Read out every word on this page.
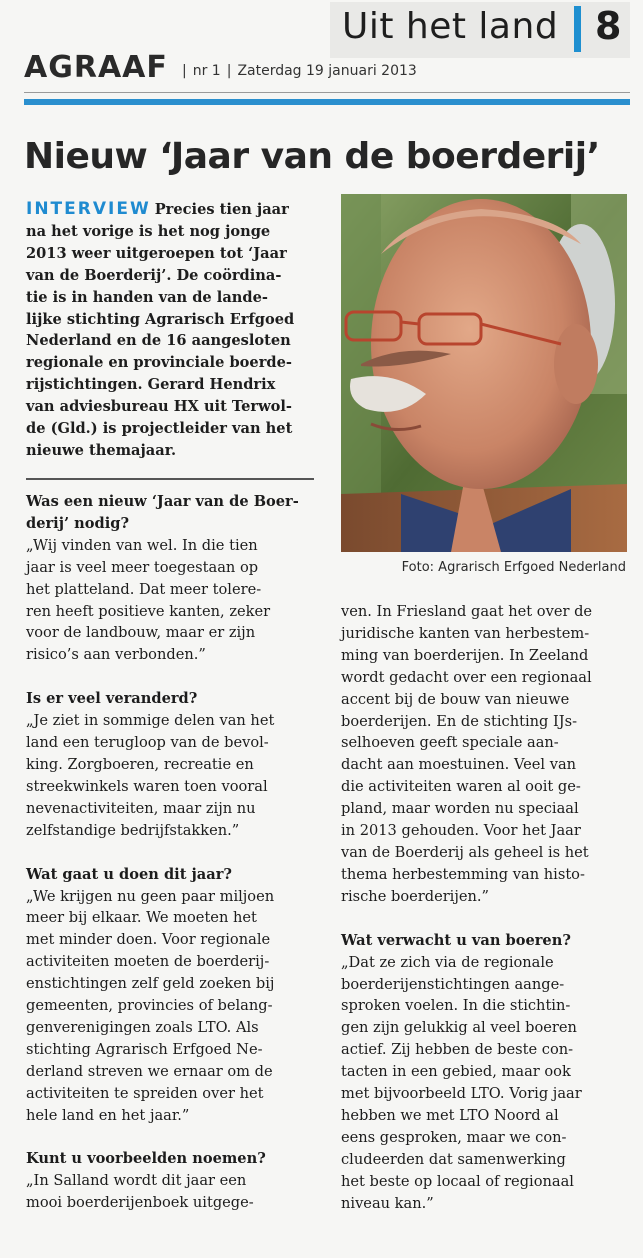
Uit het land 8
AGRAAF	| nr 1 | Zaterdag 19 januari 2013
Nieuw ‘Jaar van de boerderij’
INTERVIEW Precies tien jaar
na het vorige is het nog jonge
2013 weer uitgeroepen tot ‘Jaar
van de Boerderij’. De coördina-
tie is in handen van de lande-
lijke stichting Agrarisch Erfgoed
Nederland en de 16 aangesloten
regionale en provinciale boerde-
rijstichtingen. Gerard Hendrix
van adviesbureau HX uit Terwol-
de (Gld.) is projectleider van het
nieuwe themajaar.
Foto: Agrarisch Erfgoed Nederland

Was een nieuw ‘Jaar van de Boer-
derij’ nodig?

„Wij vinden van wel. In die tien
jaar is veel meer toegestaan op
het platteland. Dat meer tolere-
ren heeft positieve kanten, zeker
voor de landbouw, maar er zijn
risico’s aan verbonden.”

Is er veel veranderd?

„Je ziet in sommige delen van het
land een terugloop van de bevol-
king. Zorgboeren, recreatie en
streekwinkels waren toen vooral
nevenactiviteiten, maar zijn nu
zelfstandige bedrijfstakken.”

Wat gaat u doen dit jaar?

„We krijgen nu geen paar miljoen
meer bij elkaar. We moeten het
met minder doen. Voor regionale
activiteiten moeten de boerderij-
enstichtingen zelf geld zoeken bij
gemeenten, provincies of belang-
genverenigingen zoals LTO. Als
stichting Agrarisch Erfgoed Ne-
derland streven we ernaar om de
activiteiten te spreiden over het
hele land en het jaar.”

Kunt u voorbeelden noemen?

„In Salland wordt dit jaar een
mooi boerderijenboek uitgege-

ven. In Friesland gaat het over de
juridische kanten van herbestem-
ming van boerderijen. In Zeeland
wordt gedacht over een regionaal
accent bij de bouw van nieuwe
boerderijen. En de stichting IJs-
selhoeven geeft speciale aan-
dacht aan moestuinen. Veel van
die activiteiten waren al ooit ge-
pland, maar worden nu speciaal
in 2013 gehouden. Voor het Jaar
van de Boerderij als geheel is het
thema herbestemming van histo-
rische boerderijen.”

Wat verwacht u van boeren?

„Dat ze zich via de regionale
boerderijenstichtingen aange-
sproken voelen. In die stichtin-
gen zijn gelukkig al veel boeren
actief. Zij hebben de beste con-
tacten in een gebied, maar ook
met bijvoorbeeld LTO. Vorig jaar
hebben we met LTO Noord al
eens gesproken, maar we con-
cludeerden dat samenwerking
het beste op locaal of regionaal
niveau kan.”
